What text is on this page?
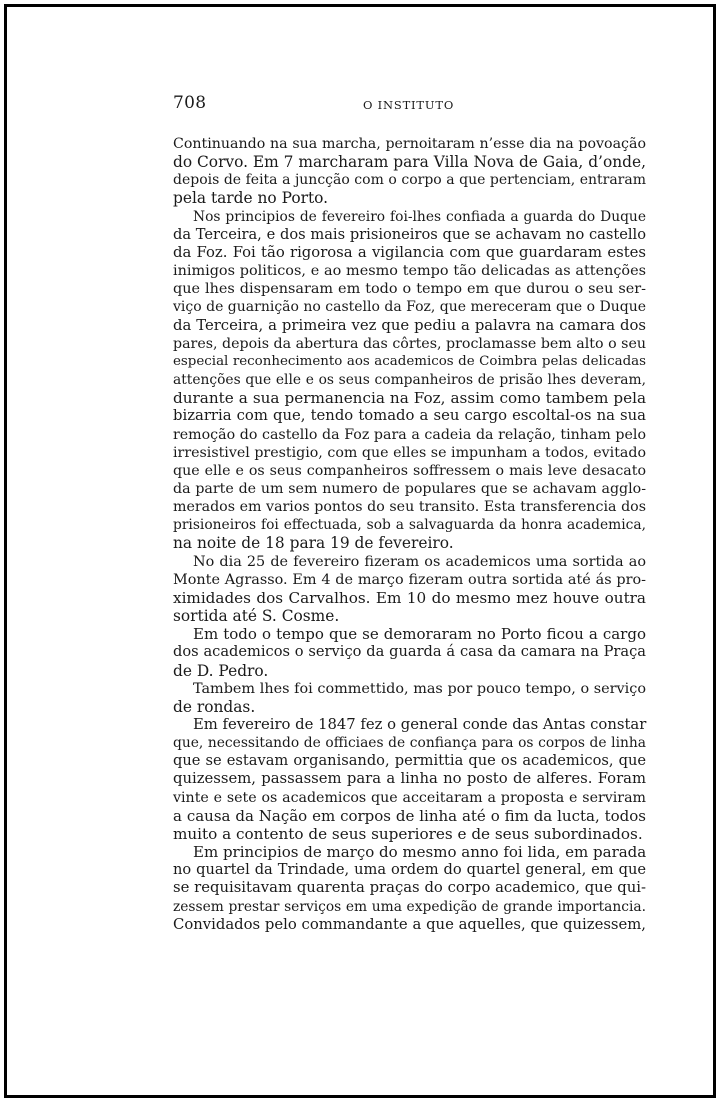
708	O INSTITUTO
Continuando na sua marcha, pernoitaram n’esse dia na povoação
do Corvo. Em 7 marcharam para Villa Nova de Gaia, d’onde,
depois de feita a juncção com o corpo a que pertenciam, entraram
pela tarde no Porto.
Nos principios de fevereiro foi-lhes confiada a guarda do Duque
da Terceira, e dos mais prisioneiros que se achavam no castello
da Foz. Foi tão rigorosa a vigilancia com que guardaram estes
inimigos politicos, e ao mesmo tempo tão delicadas as attenções
que lhes dispensaram em todo o tempo em que durou o seu ser-
viço de guarnição no castello da Foz, que mereceram que o Duque
da Terceira, a primeira vez que pediu a palavra na camara dos
pares, depois da abertura das côrtes, proclamasse bem alto o seu
especial reconhecimento aos academicos de Coimbra pelas delicadas
attenções que elle e os seus companheiros de prisão lhes deveram,
durante a sua permanencia na Foz, assim como tambem pela
bizarria com que, tendo tomado a seu cargo escoltal-os na sua
remoção do castello da Foz para a cadeia da relação, tinham pelo
irresistivel prestigio, com que elles se impunham a todos, evitado
que elle e os seus companheiros soffressem o mais leve desacato
da parte de um sem numero de populares que se achavam agglo-
merados em varios pontos do seu transito. Esta transferencia dos
prisioneiros foi effectuada, sob a salvaguarda da honra academica,
na noite de 18 para 19 de fevereiro.
No dia 25 de fevereiro fizeram os academicos uma sortida ao
Monte Agrasso. Em 4 de março fizeram outra sortida até ás pro-
ximidades dos Carvalhos. Em 10 do mesmo mez houve outra
sortida até S. Cosme.
Em todo o tempo que se demoraram no Porto ficou a cargo
dos academicos o serviço da guarda á casa da camara na Praça
de D. Pedro.
Tambem lhes foi commettido, mas por pouco tempo, o serviço
de rondas.
Em fevereiro de 1847 fez o general conde das Antas constar
que, necessitando de officiaes de confiança para os corpos de linha
que se estavam organisando, permittia que os academicos, que
quizessem, passassem para a linha no posto de alferes. Foram
vinte e sete os academicos que acceitaram a proposta e serviram
a causa da Nação em corpos de linha até o fim da lucta, todos
muito a contento de seus superiores e de seus subordinados.
Em principios de março do mesmo anno foi lida, em parada
no quartel da Trindade, uma ordem do quartel general, em que
se requisitavam quarenta praças do corpo academico, que qui-
zessem prestar serviços em uma expedição de grande importancia.
Convidados pelo commandante a que aquelles, que quizessem,
